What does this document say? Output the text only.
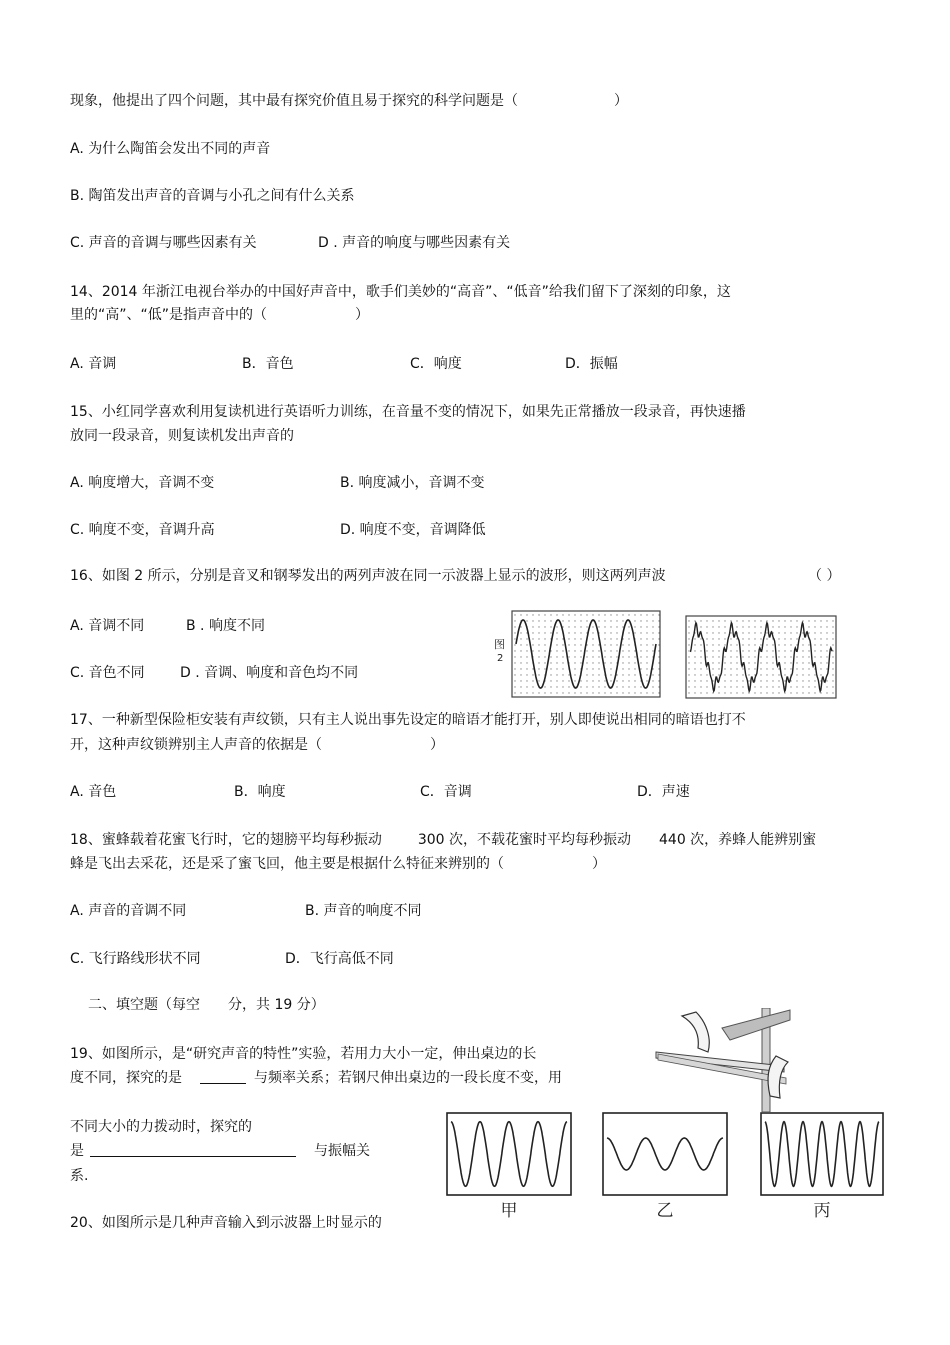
现象，他提出了四个问题，其中最有探究价值且易于探究的科学问题是（	）
A. 为什么陶笛会发出不同的声音
B. 陶笛发出声音的音调与小孔之间有什么关系
C. 声音的音调与哪些因素有关	D . 声音的响度与哪些因素有关
14、2014 年浙江电视台举办的中国好声音中，歌手们美妙的“高音”、“低音”给我们留下了深刻的印象，这
里的“高”、“低”是指声音中的（	）
A. 音调	B．音色	C．响度	D．振幅
15、小红同学喜欢利用复读机进行英语听力训练，在音量不变的情况下，如果先正常播放一段录音，再快速播
放同一段录音，则复读机发出声音的
A. 响度增大，音调不变	B. 响度减小，音调不变
C. 响度不变，音调升高	D. 响度不变，音调降低
16、如图 2 所示，分别是音叉和钢琴发出的两列声波在同一示波器上显示的波形，则这两列声波	（ ）
A. 音调不同	B . 响度不同
C. 音色不同	D . 音调、响度和音色均不同
图
2
17、一种新型保险柜安装有声纹锁，只有主人说出事先设定的暗语才能打开，别人即使说出相同的暗语也打不
开，这种声纹锁辨别主人声音的依据是（	）
A. 音色	B．响度	C．音调	D．声速
18、蜜蜂载着花蜜飞行时，它的翅膀平均每秒振动	300 次，不载花蜜时平均每秒振动 440 次，养蜂人能辨别蜜
蜂是飞出去采花，还是采了蜜飞回，他主要是根据什么特征来辨别的（	）
A. 声音的音调不同	B. 声音的响度不同
C. 飞行路线形状不同	D．飞行高低不同
二、填空题（每空 分，共 19 分）
19、如图所示，是“研究声音的特性”实验，若用力大小一定，伸出桌边的长
度不同，探究的是	与频率关系；若钢尺伸出桌边的一段长度不变，用
不同大小的力拨动时，探究的
是	与振幅关
系.
甲	乙	丙
20、如图所示是几种声音输入到示波器上时显示的
